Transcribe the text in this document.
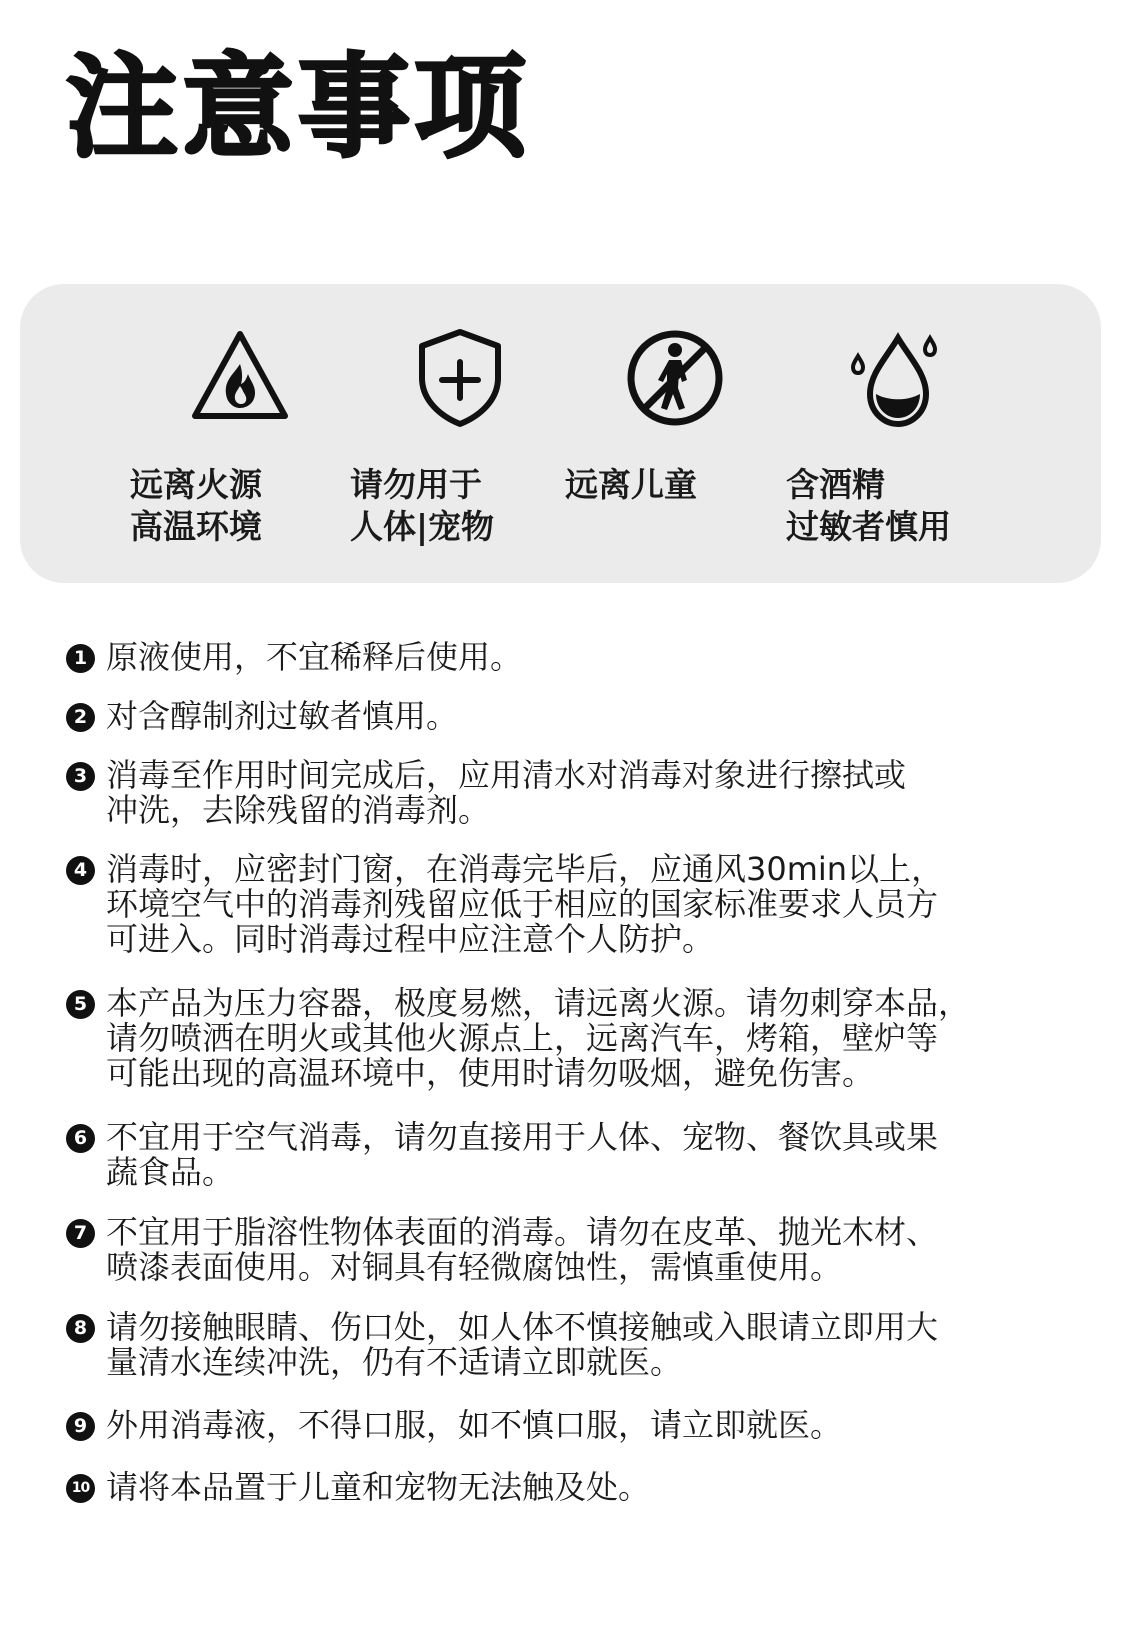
注意事项
远离火源
高温环境
请勿用于
人体|宠物
远离儿童	含酒精
过敏者慎用
1 原液使用，不宜稀释后使用。
2 对含醇制剂过敏者慎用。
3 消毒至作用时间完成后，应用清水对消毒对象进行擦拭或
冲洗，去除残留的消毒剂。
4 消毒时，应密封门窗，在消毒完毕后，应通风30min以上，
环境空气中的消毒剂残留应低于相应的国家标准要求人员方
可进入。同时消毒过程中应注意个人防护。
5 本产品为压力容器，极度易燃，请远离火源。请勿刺穿本品，
请勿喷洒在明火或其他火源点上，远离汽车，烤箱，壁炉等
可能出现的高温环境中，使用时请勿吸烟，避免伤害。
6 不宜用于空气消毒，请勿直接用于人体、宠物、餐饮具或果
蔬食品。
7 不宜用于脂溶性物体表面的消毒。请勿在皮革、抛光木材、
喷漆表面使用。对铜具有轻微腐蚀性，需慎重使用。
8 请勿接触眼睛、伤口处，如人体不慎接触或入眼请立即用大
量清水连续冲洗，仍有不适请立即就医。
9 外用消毒液，不得口服，如不慎口服，请立即就医。
10 请将本品置于儿童和宠物无法触及处。
